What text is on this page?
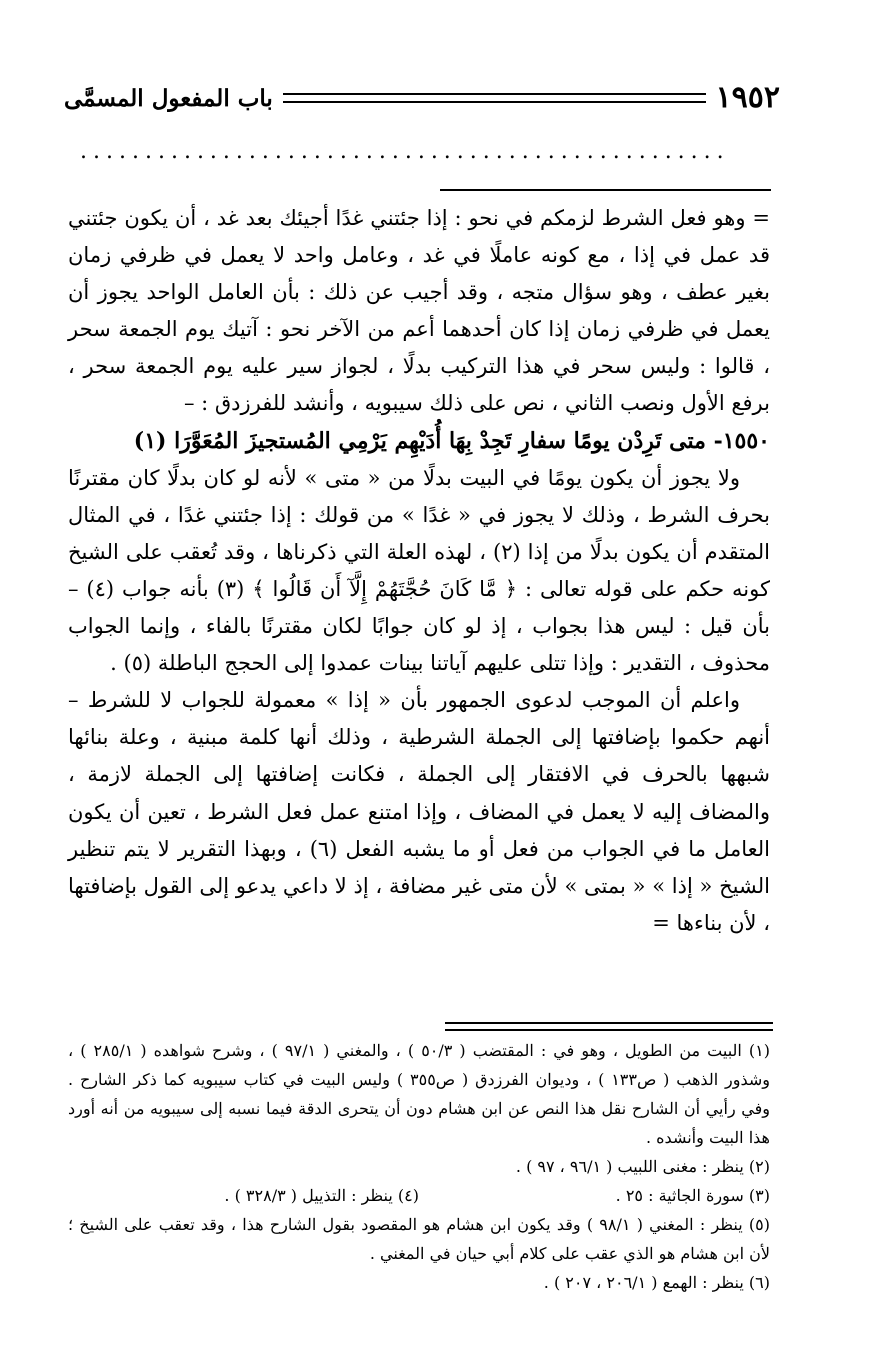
باب المفعول المسمَّى	١٩٥٢
..................................................

= وهو فعل الشرط لزمكم في نحو : إذا جئتني غدًا أجيئك بعد غد ، أن يكون جئتني قد عمل في إذا ، مع كونه عاملًا في غد ، وعامل واحد لا يعمل في ظرفي زمان بغير عطف ، وهو سؤال متجه ، وقد أجيب عن ذلك : بأن العامل الواحد يجوز أن يعمل في ظرفي زمان إذا كان أحدهما أعم من الآخر نحو : آتيك يوم الجمعة سحر ، قالوا : وليس سحر في هذا التركيب بدلًا ، لجواز سير عليه يوم الجمعة سحر ، برفع الأول ونصب الثاني ، نص على ذلك سيبويه ، وأنشد للفرزدق : –

١٥٥٠- متى تَرِدْن يومًا سفارِ تَجِدْ بِهَا أُدَيْهِم يَرْمِي المُستجيزَ المُعَوَّرَا (١)

ولا يجوز أن يكون يومًا في البيت بدلًا من « متى » لأنه لو كان بدلًا كان مقترنًا بحرف الشرط ، وذلك لا يجوز في « غدًا » من قولك : إذا جئتني غدًا ، في المثال المتقدم أن يكون بدلًا من إذا (٢) ، لهذه العلة التي ذكرناها ، وقد تُعقب على الشيخ كونه حكم على قوله تعالى : ﴿ مَّا كَانَ حُجَّتَهُمْ إِلَّآ أَن قَالُوا ﴾ (٣) بأنه جواب (٤) – بأن قيل : ليس هذا بجواب ، إذ لو كان جوابًا لكان مقترنًا بالفاء ، وإنما الجواب محذوف ، التقدير : وإذا تتلى عليهم آياتنا بينات عمدوا إلى الحجج الباطلة (٥) .

واعلم أن الموجب لدعوى الجمهور بأن « إذا » معمولة للجواب لا للشرط – أنهم حكموا بإضافتها إلى الجملة الشرطية ، وذلك أنها كلمة مبنية ، وعلة بنائها شبهها بالحرف في الافتقار إلى الجملة ، فكانت إضافتها إلى الجملة لازمة ، والمضاف إليه لا يعمل في المضاف ، وإذا امتنع عمل فعل الشرط ، تعين أن يكون العامل ما في الجواب من فعل أو ما يشبه الفعل (٦) ، وبهذا التقرير لا يتم تنظير الشيخ « إذا » « بمتى » لأن متى غير مضافة ، إذ لا داعي يدعو إلى القول بإضافتها ، لأن بناءها =

(١) البيت من الطويل ، وهو في : المقتضب ( ٥٠/٣ ) ، والمغني ( ٩٧/١ ) ، وشرح شواهده ( ٢٨٥/١ ) ، وشذور الذهب ( ص١٣٣ ) ، وديوان الفرزدق ( ص٣٥٥ ) وليس البيت في كتاب سيبويه كما ذكر الشارح . وفي رأيي أن الشارح نقل هذا النص عن ابن هشام دون أن يتحرى الدقة فيما نسبه إلى سيبويه من أنه أورد هذا البيت وأنشده .

(٢) ينظر : مغنى اللبيب ( ٩٦/١ ، ٩٧ ) .
(٣) سورة الجاثية : ٢٥ .
(٤) ينظر : التذييل ( ٣٢٨/٣ ) .

(٥) ينظر : المغني ( ٩٨/١ ) وقد يكون ابن هشام هو المقصود بقول الشارح هذا ، وقد تعقب على الشيخ ؛ لأن ابن هشام هو الذي عقب على كلام أبي حيان في المغني .

(٦) ينظر : الهمع ( ٢٠٦/١ ، ٢٠٧ ) .
